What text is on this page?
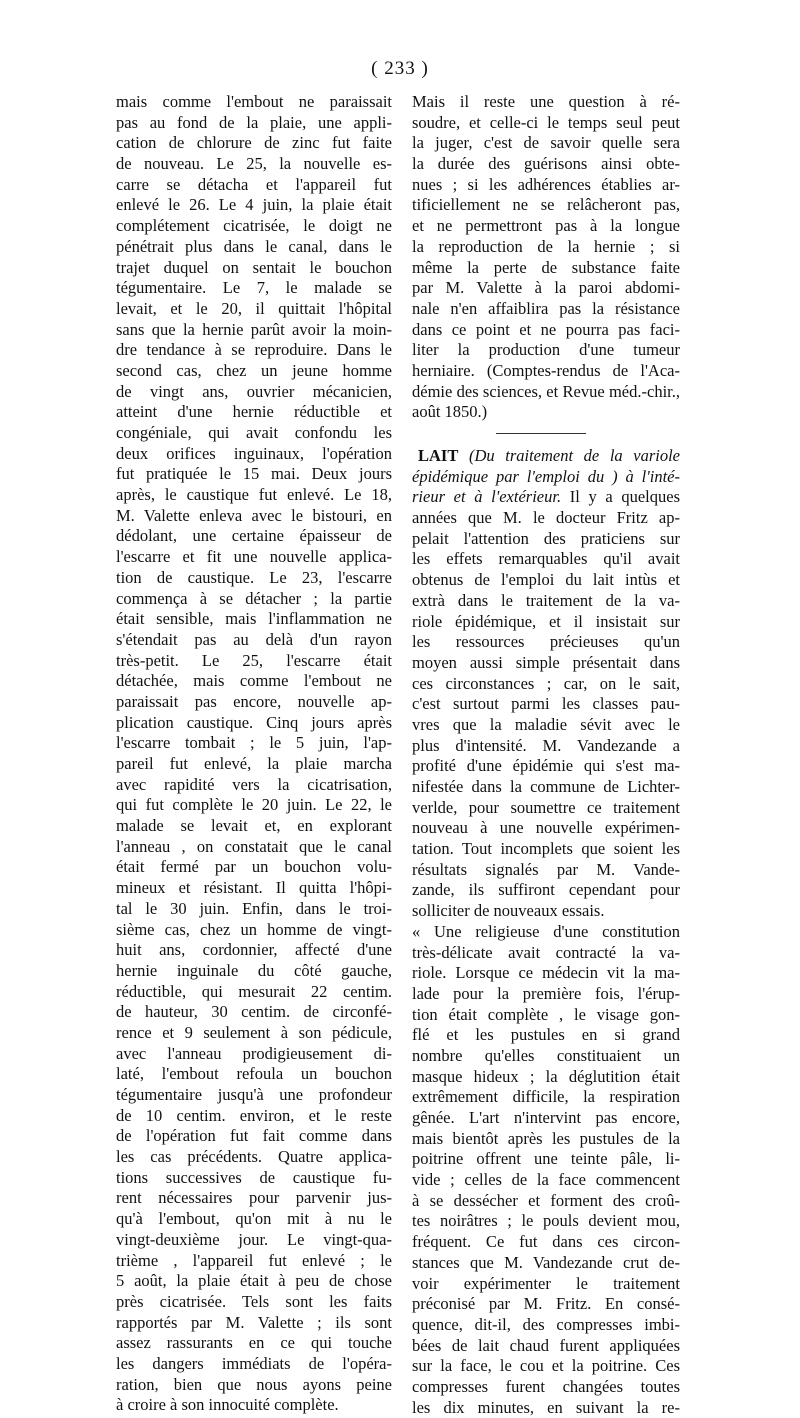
( 233 )
mais comme l'embout ne paraissait
pas au fond de la plaie, une appli-
cation de chlorure de zinc fut faite
de nouveau. Le 25, la nouvelle es-
carre se détacha et l'appareil fut
enlevé le 26. Le 4 juin, la plaie était
complétement cicatrisée, le doigt ne
pénétrait plus dans le canal, dans le
trajet duquel on sentait le bouchon
tégumentaire. Le 7, le malade se
levait, et le 20, il quittait l'hôpital
sans que la hernie parût avoir la moin-
dre tendance à se reproduire. Dans le
second cas, chez un jeune homme
de vingt ans, ouvrier mécanicien,
atteint d'une hernie réductible et
congéniale, qui avait confondu les
deux orifices inguinaux, l'opération
fut pratiquée le 15 mai. Deux jours
après, le caustique fut enlevé. Le 18,
M. Valette enleva avec le bistouri, en
dédolant, une certaine épaisseur de
l'escarre et fit une nouvelle applica-
tion de caustique. Le 23, l'escarre
commença à se détacher ; la partie
était sensible, mais l'inflammation ne
s'étendait pas au delà d'un rayon
très-petit. Le 25, l'escarre était
détachée, mais comme l'embout ne
paraissait pas encore, nouvelle ap-
plication caustique. Cinq jours après
l'escarre tombait ; le 5 juin, l'ap-
pareil fut enlevé, la plaie marcha
avec rapidité vers la cicatrisation,
qui fut complète le 20 juin. Le 22, le
malade se levait et, en explorant
l'anneau , on constatait que le canal
était fermé par un bouchon volu-
mineux et résistant. Il quitta l'hôpi-
tal le 30 juin. Enfin, dans le troi-
sième cas, chez un homme de vingt-
huit ans, cordonnier, affecté d'une
hernie inguinale du côté gauche,
réductible, qui mesurait 22 centim.
de hauteur, 30 centim. de circonfé-
rence et 9 seulement à son pédicule,
avec l'anneau prodigieusement di-
laté, l'embout refoula un bouchon
tégumentaire jusqu'à une profondeur
de 10 centim. environ, et le reste
de l'opération fut fait comme dans
les cas précédents. Quatre applica-
tions successives de caustique fu-
rent nécessaires pour parvenir jus-
qu'à l'embout, qu'on mit à nu le
vingt-deuxième jour. Le vingt-qua-
trième , l'appareil fut enlevé ; le
5 août, la plaie était à peu de chose
près cicatrisée. Tels sont les faits
rapportés par M. Valette ; ils sont
assez rassurants en ce qui touche
les dangers immédiats de l'opéra-
ration, bien que nous ayons peine
à croire à son innocuité complète.
Mais il reste une question à ré-
soudre, et celle-ci le temps seul peut
la juger, c'est de savoir quelle sera
la durée des guérisons ainsi obte-
nues ; si les adhérences établies ar-
tificiellement ne se relâcheront pas,
et ne permettront pas à la longue
la reproduction de la hernie ; si
même la perte de substance faite
par M. Valette à la paroi abdomi-
nale n'en affaiblira pas la résistance
dans ce point et ne pourra pas faci-
liter la production d'une tumeur
herniaire. (Comptes-rendus de l'Aca-
démie des sciences, et Revue méd.-chir.,
août 1850.)
LAIT (Du traitement de la variole
épidémique par l'emploi du ) à l'inté-
rieur et à l'extérieur. Il y a quelques
années que M. le docteur Fritz ap-
pelait l'attention des praticiens sur
les effets remarquables qu'il avait
obtenus de l'emploi du lait intùs et
extrà dans le traitement de la va-
riole épidémique, et il insistait sur
les ressources précieuses qu'un
moyen aussi simple présentait dans
ces circonstances ; car, on le sait,
c'est surtout parmi les classes pau-
vres que la maladie sévit avec le
plus d'intensité. M. Vandezande a
profité d'une épidémie qui s'est ma-
nifestée dans la commune de Lichter-
verlde, pour soumettre ce traitement
nouveau à une nouvelle expérimen-
tation. Tout incomplets que soient les
résultats signalés par M. Vande-
zande, ils suffiront cependant pour
solliciter de nouveaux essais.
« Une religieuse d'une constitution
très-délicate avait contracté la va-
riole. Lorsque ce médecin vit la ma-
lade pour la première fois, l'érup-
tion était complète , le visage gon-
flé et les pustules en si grand
nombre qu'elles constituaient un
masque hideux ; la déglutition était
extrêmement difficile, la respiration
gênée. L'art n'intervint pas encore,
mais bientôt après les pustules de la
poitrine offrent une teinte pâle, li-
vide ; celles de la face commencent
à se dessécher et forment des croû-
tes noirâtres ; le pouls devient mou,
fréquent. Ce fut dans ces circon-
stances que M. Vandezande crut de-
voir expérimenter le traitement
préconisé par M. Fritz. En consé-
quence, dit-il, des compresses imbi-
bées de lait chaud furent appliquées
sur la face, le cou et la poitrine. Ces
compresses furent changées toutes
les dix minutes, en suivant la re-
